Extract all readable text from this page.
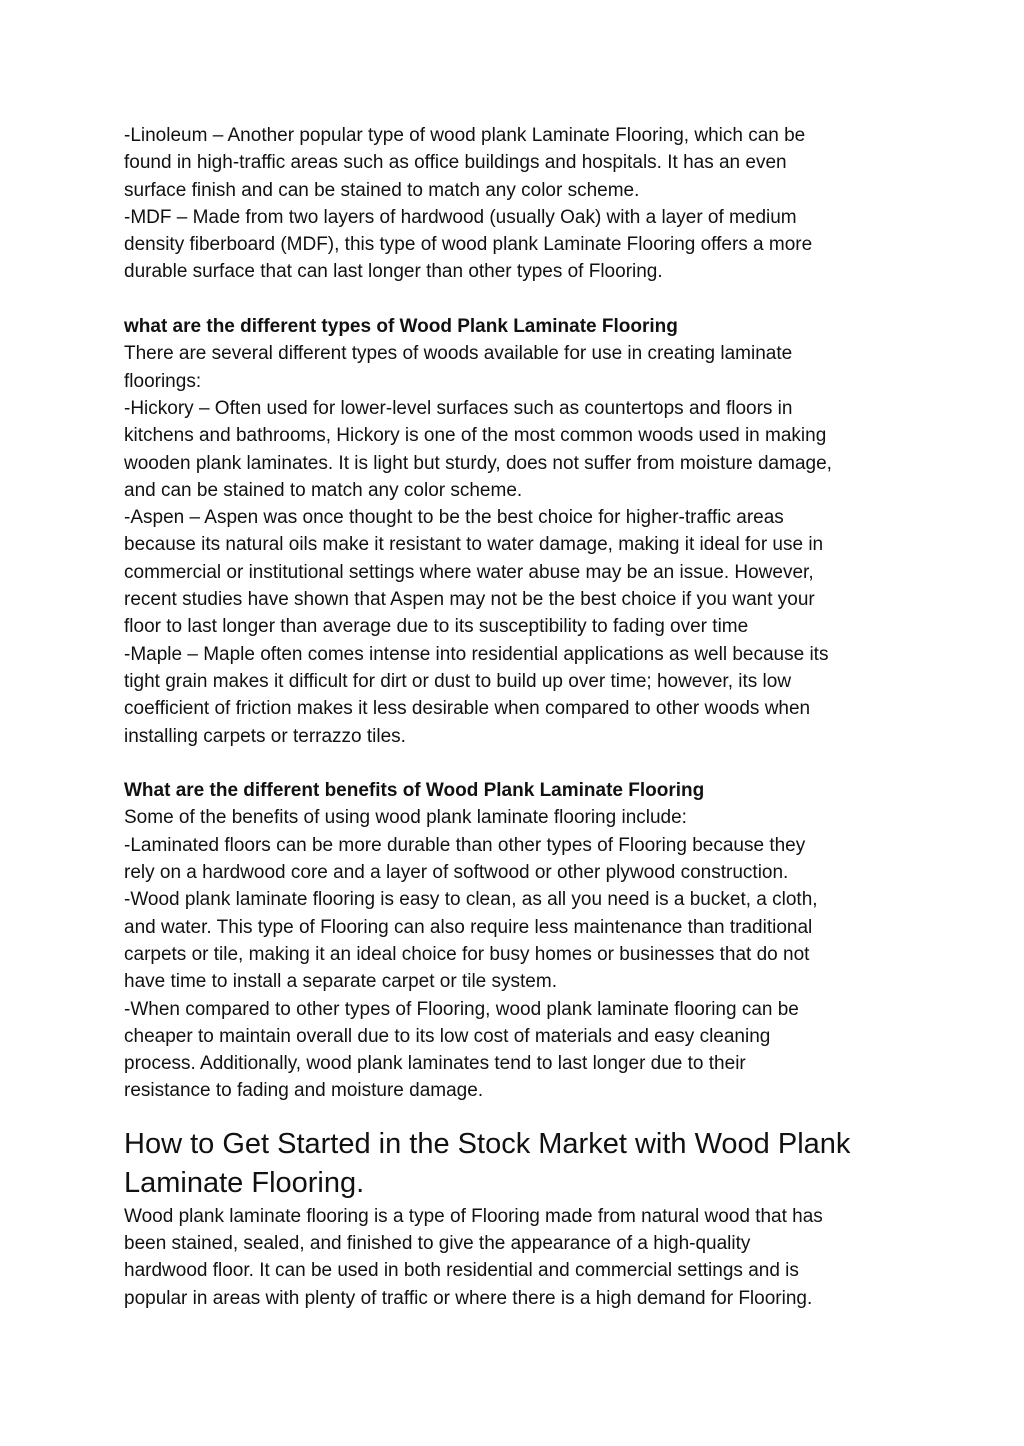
-Linoleum – Another popular type of wood plank Laminate Flooring, which can be

found in high-traffic areas such as office buildings and hospitals. It has an even

surface finish and can be stained to match any color scheme.

-MDF – Made from two layers of hardwood (usually Oak) with a layer of medium

density fiberboard (MDF), this type of wood plank Laminate Flooring offers a more

durable surface that can last longer than other types of Flooring.

what are the different types of Wood Plank Laminate Flooring

There are several different types of woods available for use in creating laminate

floorings:

-Hickory – Often used for lower-level surfaces such as countertops and floors in

kitchens and bathrooms, Hickory is one of the most common woods used in making

wooden plank laminates. It is light but sturdy, does not suffer from moisture damage,

and can be stained to match any color scheme.

-Aspen – Aspen was once thought to be the best choice for higher-traffic areas

because its natural oils make it resistant to water damage, making it ideal for use in

commercial or institutional settings where water abuse may be an issue. However,

recent studies have shown that Aspen may not be the best choice if you want your

floor to last longer than average due to its susceptibility to fading over time

-Maple – Maple often comes intense into residential applications as well because its

tight grain makes it difficult for dirt or dust to build up over time; however, its low

coefficient of friction makes it less desirable when compared to other woods when

installing carpets or terrazzo tiles.

What are the different benefits of Wood Plank Laminate Flooring

Some of the benefits of using wood plank laminate flooring include:

-Laminated floors can be more durable than other types of Flooring because they

rely on a hardwood core and a layer of softwood or other plywood construction.

-Wood plank laminate flooring is easy to clean, as all you need is a bucket, a cloth,

and water. This type of Flooring can also require less maintenance than traditional

carpets or tile, making it an ideal choice for busy homes or businesses that do not

have time to install a separate carpet or tile system.

-When compared to other types of Flooring, wood plank laminate flooring can be

cheaper to maintain overall due to its low cost of materials and easy cleaning

process. Additionally, wood plank laminates tend to last longer due to their

resistance to fading and moisture damage.

How to Get Started in the Stock Market with Wood Plank
Laminate Flooring.

Wood plank laminate flooring is a type of Flooring made from natural wood that has

been stained, sealed, and finished to give the appearance of a high-quality

hardwood floor. It can be used in both residential and commercial settings and is

popular in areas with plenty of traffic or where there is a high demand for Flooring.
